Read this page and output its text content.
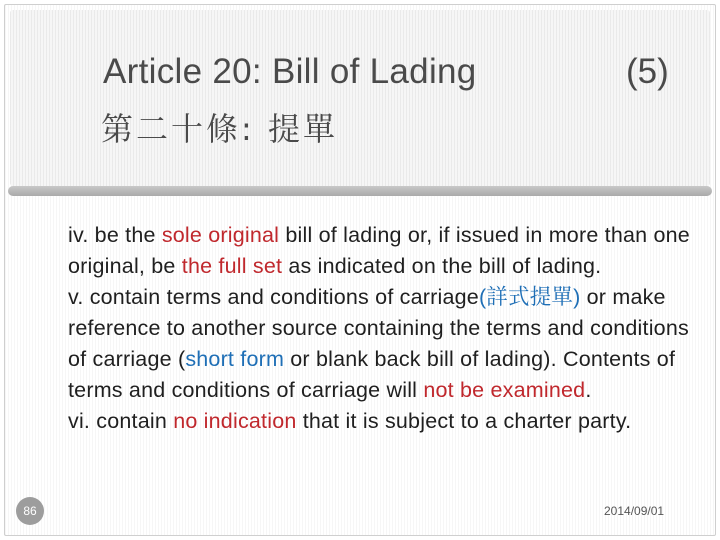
Article 20: Bill of Lading	(5)
第二十條: 提單

iv. be the sole original bill of lading or, if issued in more than one original, be the full set as indicated on the bill of lading.

v. contain terms and conditions of carriage(詳式提單) or make reference to another source containing the terms and conditions of carriage (short form or blank back bill of lading). Contents of terms and conditions of carriage will not be examined.

vi. contain no indication that it is subject to a charter party.

86	2014/09/01
